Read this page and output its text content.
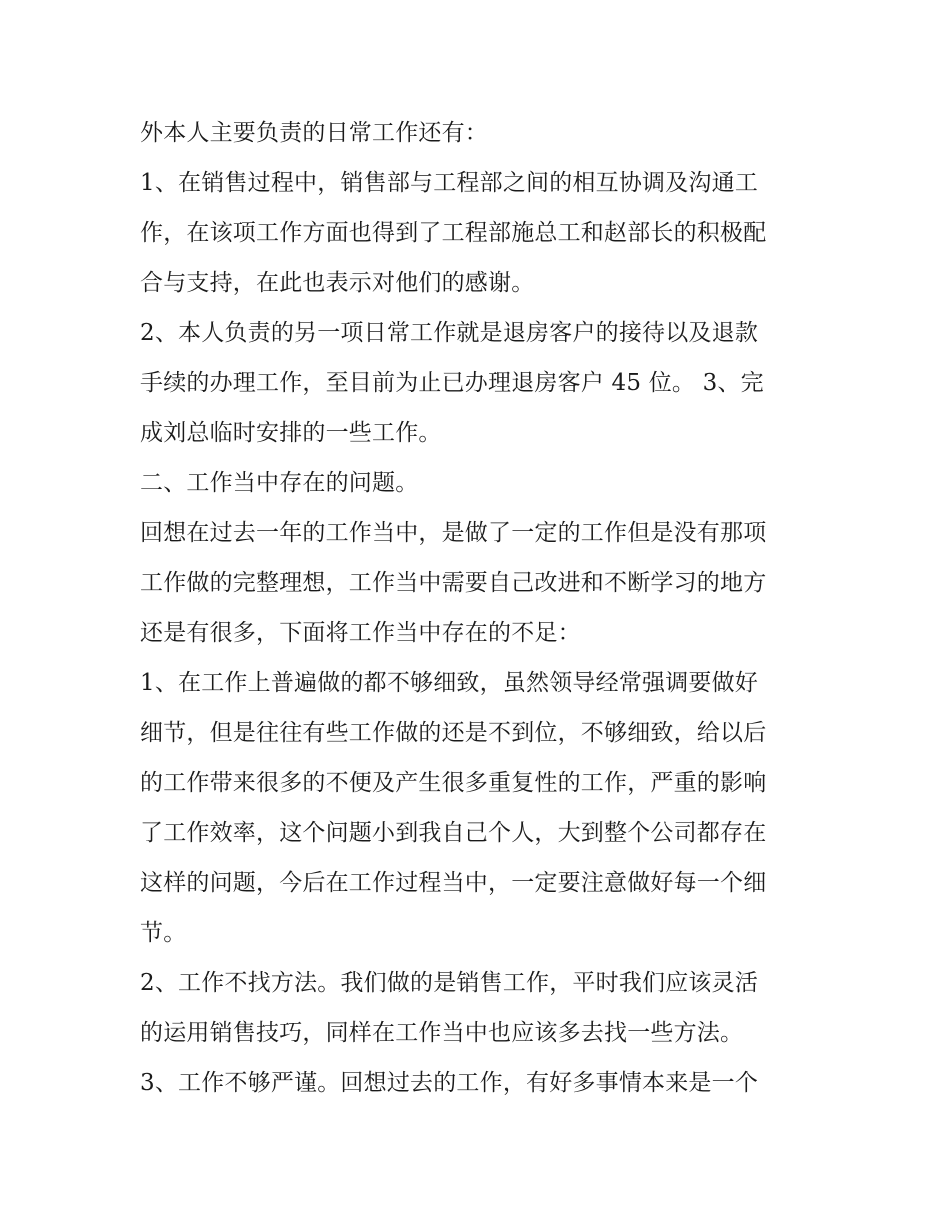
外本人主要负责的日常工作还有：
1、在销售过程中，销售部与工程部之间的相互协调及沟通工
作，在该项工作方面也得到了工程部施总工和赵部长的积极配
合与支持，在此也表示对他们的感谢。
2、本人负责的另一项日常工作就是退房客户的接待以及退款
手续的办理工作，至目前为止已办理退房客户 45 位。 3、完
成刘总临时安排的一些工作。
二、工作当中存在的问题。
回想在过去一年的工作当中，是做了一定的工作但是没有那项
工作做的完整理想，工作当中需要自己改进和不断学习的地方
还是有很多，下面将工作当中存在的不足：
1、在工作上普遍做的都不够细致，虽然领导经常强调要做好
细节，但是往往有些工作做的还是不到位，不够细致，给以后
的工作带来很多的不便及产生很多重复性的工作，严重的影响
了工作效率，这个问题小到我自己个人，大到整个公司都存在
这样的问题，今后在工作过程当中，一定要注意做好每一个细
节。
2、工作不找方法。我们做的是销售工作，平时我们应该灵活
的运用销售技巧，同样在工作当中也应该多去找一些方法。
3、工作不够严谨。回想过去的工作，有好多事情本来是一个
